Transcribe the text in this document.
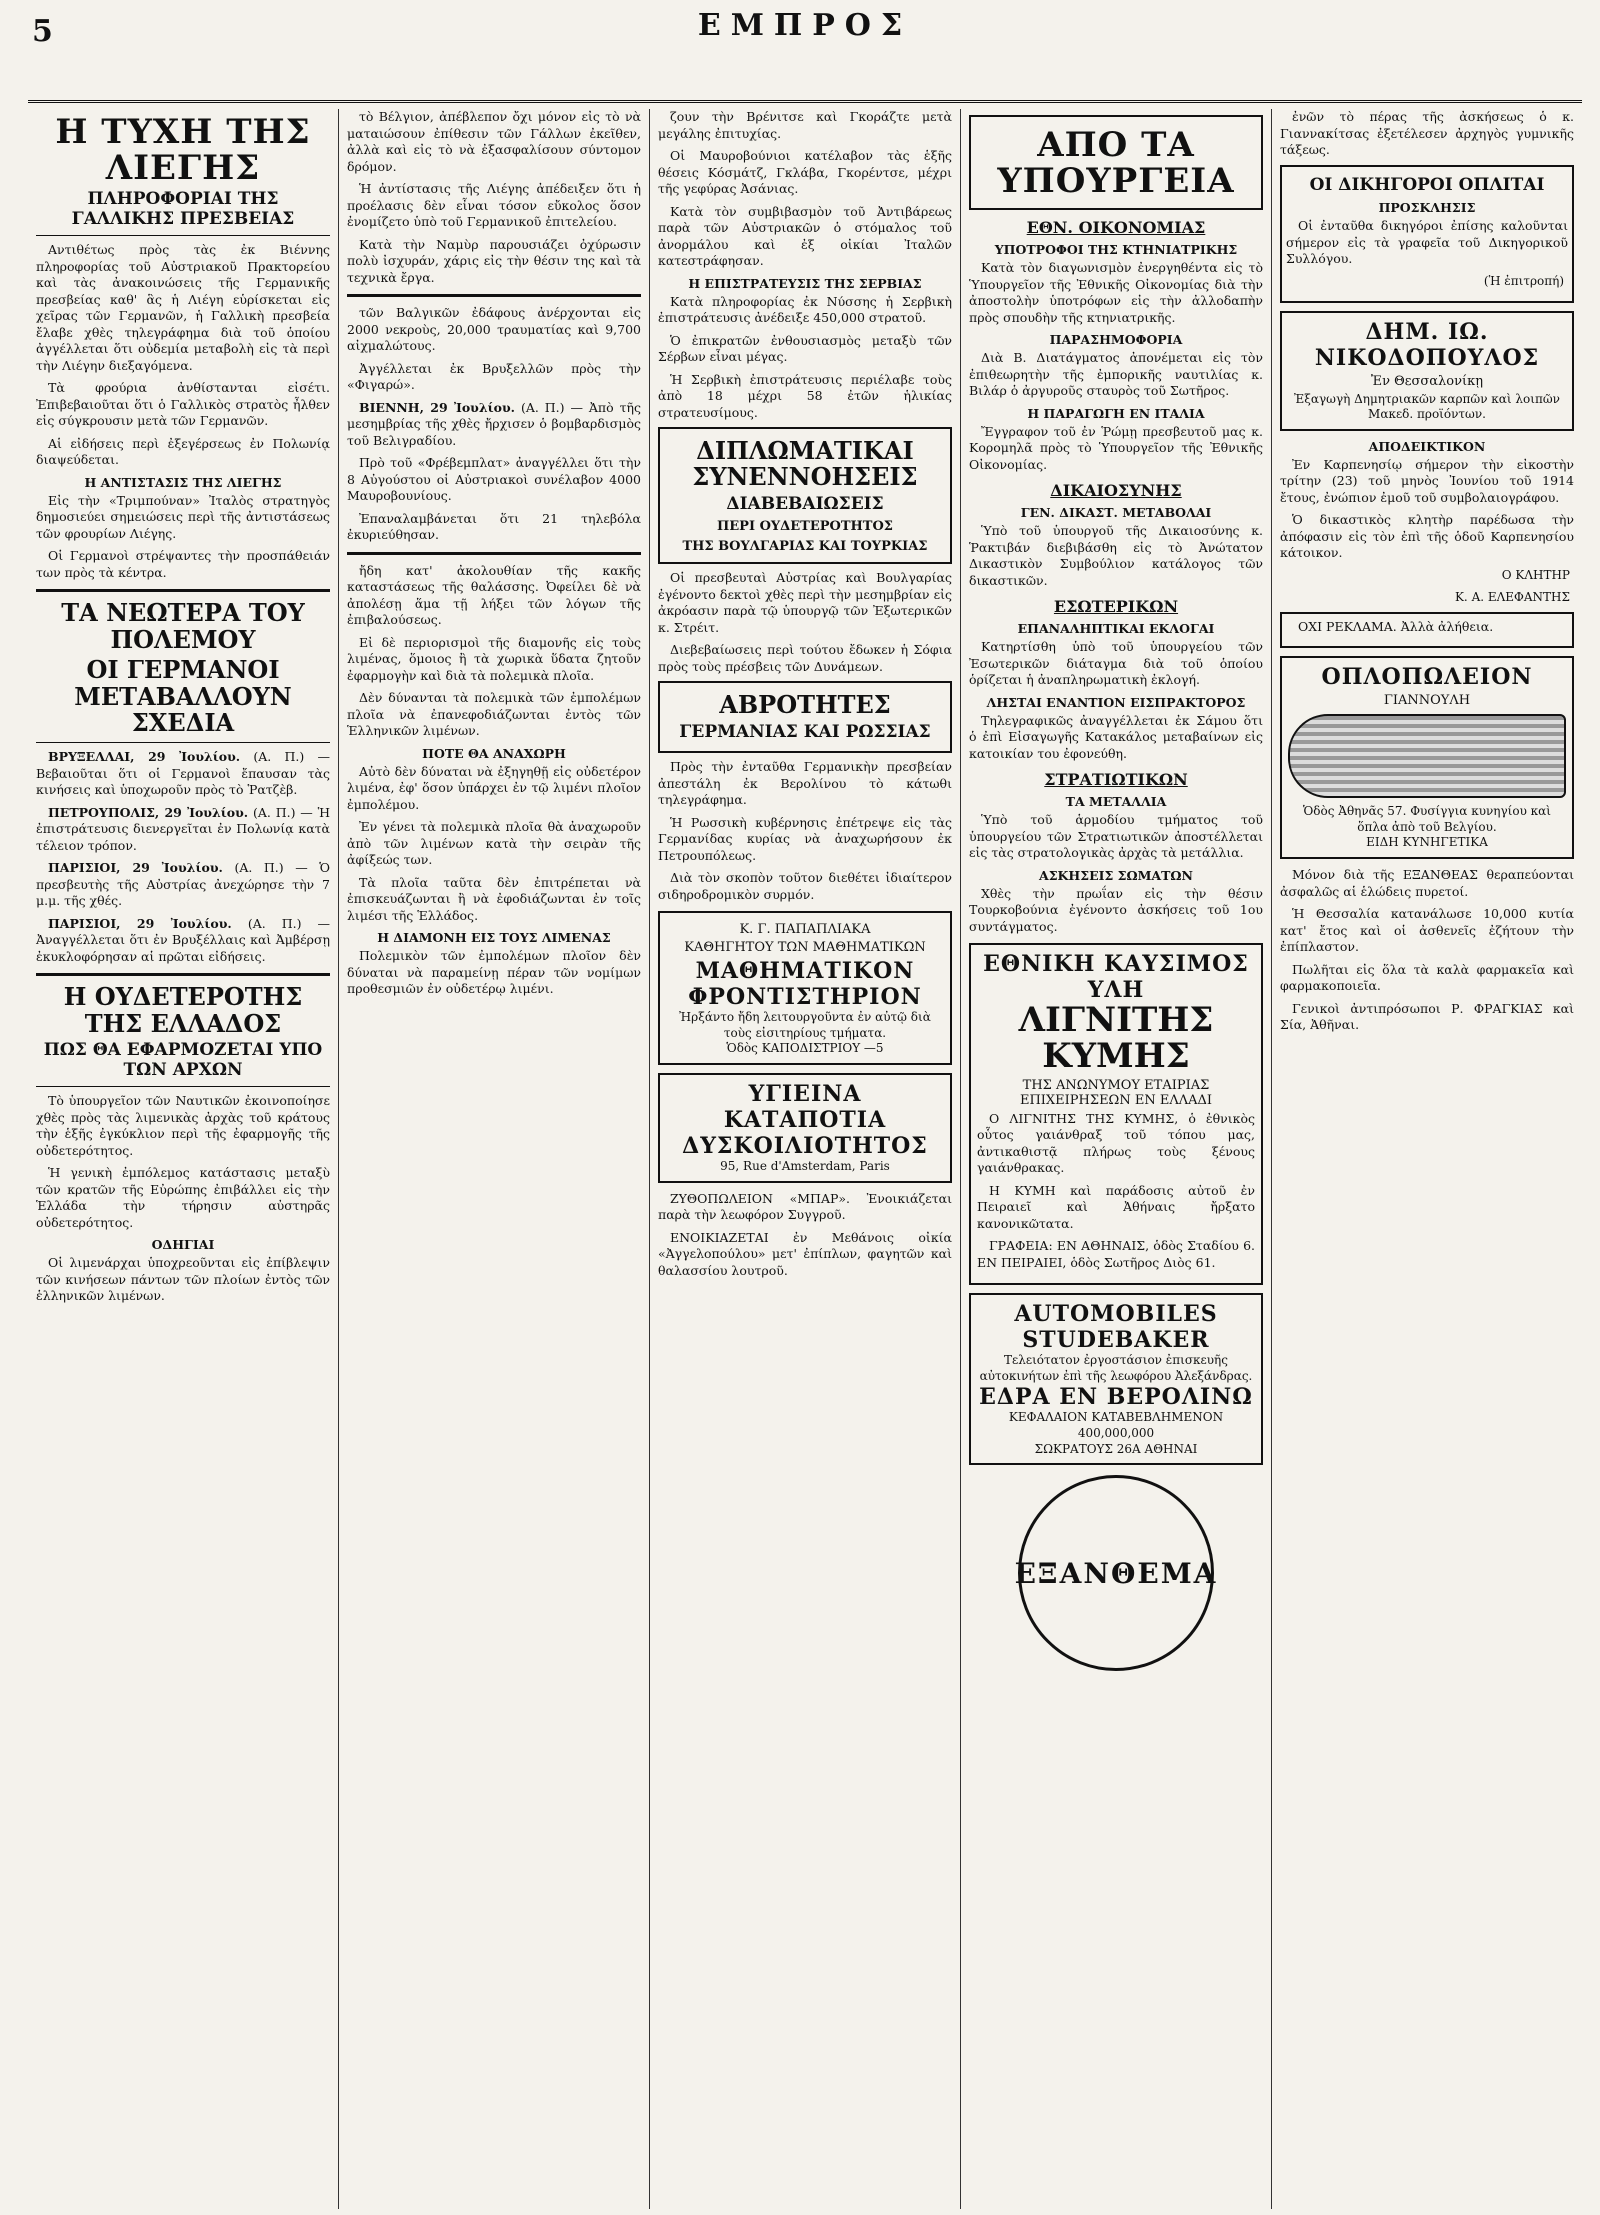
5	ΕΜΠΡΟΣ
Η ΤΥΧΗ ΤΗΣ ΛΙΕΓΗΣ
ΠΛΗΡΟΦΟΡΙΑΙ ΤΗΣ ΓΑΛΛΙΚΗΣ ΠΡΕΣΒΕΙΑΣ

Αντιθέτως πρὸς τὰς ἐκ Βιέννης πληροφορίας τοῦ Αὐστριακοῦ Πρακτορείου καὶ τὰς ἀνακοινώσεις τῆς Γερμανικῆς πρεσβείας καθ' ἃς ἡ Λιέγη εὑρίσκεται εἰς χεῖρας τῶν Γερμανῶν, ἡ Γαλλικὴ πρεσβεία ἔλαβε χθὲς τηλεγράφημα διὰ τοῦ ὁποίου ἀγγέλλεται ὅτι οὐδεμία μεταβολὴ εἰς τὰ περὶ τὴν Λιέγην διεξαγόμενα.

Τὰ φρούρια ἀνθίστανται εἰσέτι. Ἐπιβεβαιοῦται ὅτι ὁ Γαλλικὸς στρατὸς ἦλθεν εἰς σύγκρουσιν μετὰ τῶν Γερμανῶν.

Αἱ εἰδήσεις περὶ ἐξεγέρσεως ἐν Πολωνίᾳ διαψεύδεται.

Η ΑΝΤΙΣΤΑΣΙΣ ΤΗΣ ΛΙΕΓΗΣ

Εἰς τὴν «Τριμπούναν» Ἰταλὸς στρατηγὸς δημοσιεύει σημειώσεις περὶ τῆς ἀντιστάσεως τῶν φρουρίων Λιέγης.

Οἱ Γερμανοὶ στρέψαντες τὴν προσπάθειάν των πρὸς τὰ κέντρα.

ΤΑ ΝΕΩΤΕΡΑ ΤΟΥ ΠΟΛΕΜΟΥ
ΟΙ ΓΕΡΜΑΝΟΙ ΜΕΤΑΒΑΛΛΟΥΝ ΣΧΕΔΙΑ

ΒΡΥΞΕΛΛΑΙ, 29 Ἰουλίου. (Α. Π.) — Βεβαιοῦται ὅτι οἱ Γερμανοὶ ἔπαυσαν τὰς κινήσεις καὶ ὑποχωροῦν πρὸς τὸ Ῥατζὲβ.

ΠΕΤΡΟΥΠΟΛΙΣ, 29 Ἰουλίου. (Α. Π.) — Ἡ ἐπιστράτευσις διενεργεῖται ἐν Πολωνίᾳ κατὰ τέλειον τρόπον.

ΠΑΡΙΣΙΟΙ, 29 Ἰουλίου. (Α. Π.) — Ὁ πρεσβευτὴς τῆς Αὐστρίας ἀνεχώρησε τὴν 7 μ.μ. τῆς χθές.

ΠΑΡΙΣΙΟΙ, 29 Ἰουλίου. (Α. Π.) — Ἀναγγέλλεται ὅτι ἐν Βρυξέλλαις καὶ Ἀμβέρσῃ ἐκυκλοφόρησαν αἱ πρῶται εἰδήσεις.

Η ΟΥΔΕΤΕΡΟΤΗΣ ΤΗΣ ΕΛΛΑΔΟΣ
ΠΩΣ ΘΑ ΕΦΑΡΜΟΖΕΤΑΙ ΥΠΟ ΤΩΝ ΑΡΧΩΝ

Τὸ ὑπουργεῖον τῶν Ναυτικῶν ἐκοινοποίησε χθὲς πρὸς τὰς λιμενικὰς ἀρχὰς τοῦ κράτους τὴν ἑξῆς ἐγκύκλιον περὶ τῆς ἐφαρμογῆς τῆς οὐδετερότητος.

Ἡ γενικὴ ἐμπόλεμος κατάστασις μεταξὺ τῶν κρατῶν τῆς Εὐρώπης ἐπιβάλλει εἰς τὴν Ἑλλάδα τὴν τήρησιν αὐστηρᾶς οὐδετερότητος.

ΟΔΗΓΙΑΙ

Οἱ λιμενάρχαι ὑποχρεοῦνται εἰς ἐπίβλεψιν τῶν κινήσεων πάντων τῶν πλοίων ἐντὸς τῶν ἑλληνικῶν λιμένων.

τὸ Βέλγιον, ἀπέβλεπον ὄχι μόνον εἰς τὸ νὰ ματαιώσουν ἐπίθεσιν τῶν Γάλλων ἐκεῖθεν, ἀλλὰ καὶ εἰς τὸ νὰ ἐξασφαλίσουν σύντομον δρόμον.

Ἡ ἀντίστασις τῆς Λιέγης ἀπέδειξεν ὅτι ἡ προέλασις δὲν εἶναι τόσον εὔκολος ὅσον ἐνομίζετο ὑπὸ τοῦ Γερμανικοῦ ἐπιτελείου.

Κατὰ τὴν Ναμὺρ παρουσιάζει ὀχύρωσιν πολὺ ἰσχυράν, χάρις εἰς τὴν θέσιν της καὶ τὰ τεχνικὰ ἔργα.

τῶν Βαλγικῶν ἐδάφους ἀνέρχονται εἰς 2000 νεκροὺς, 20,000 τραυματίας καὶ 9,700 αἰχμαλώτους.

Ἀγγέλλεται ἐκ Βρυξελλῶν πρὸς τὴν «Φιγαρώ».

ΒΙΕΝΝΗ, 29 Ἰουλίου. (Α. Π.) — Ἀπὸ τῆς μεσημβρίας τῆς χθὲς ἤρχισεν ὁ βομβαρδισμὸς τοῦ Βελιγραδίου.

Πρὸ τοῦ «Φρέβεμπλατ» ἀναγγέλλει ὅτι τὴν 8 Αὐγούστου οἱ Αὐστριακοὶ συνέλαβον 4000 Μαυροβουνίους.

Ἐπαναλαμβάνεται ὅτι 21 τηλεβόλα ἐκυριεύθησαν.

ἤδη κατ' ἀκολουθίαν τῆς κακῆς καταστάσεως τῆς θαλάσσης. Ὀφείλει δὲ νὰ ἀπολέσῃ ἅμα τῇ λήξει τῶν λόγων τῆς ἐπιβαλούσεως.

Εἰ δὲ περιορισμοὶ τῆς διαμονῆς εἰς τοὺς λιμένας, ὅμοιος ἢ τὰ χωρικὰ ὕδατα ζητοῦν ἐφαρμογὴν καὶ διὰ τὰ πολεμικὰ πλοῖα.

Δὲν δύνανται τὰ πολεμικὰ τῶν ἐμπολέμων πλοῖα νὰ ἐπανεφοδιάζωνται ἐντὸς τῶν Ἑλληνικῶν λιμένων.

ΠΟΤΕ ΘΑ ΑΝΑΧΩΡΗ

Αὐτὸ δὲν δύναται νὰ ἐξηγηθῇ εἰς οὐδετέρον λιμένα, ἐφ' ὅσον ὑπάρχει ἐν τῷ λιμένι πλοῖον ἐμπολέμου.

Ἐν γένει τὰ πολεμικὰ πλοῖα θὰ ἀναχωροῦν ἀπὸ τῶν λιμένων κατὰ τὴν σειρὰν τῆς ἀφίξεώς των.

Τὰ πλοῖα ταῦτα δὲν ἐπιτρέπεται νὰ ἐπισκευάζωνται ἢ νὰ ἐφοδιάζωνται ἐν τοῖς λιμέσι τῆς Ἑλλάδος.

Η ΔΙΑΜΟΝΗ ΕΙΣ ΤΟΥΣ ΛΙΜΕΝΑΣ

Πολεμικὸν τῶν ἐμπολέμων πλοῖον δὲν δύναται νὰ παραμείνῃ πέραν τῶν νομίμων προθεσμιῶν ἐν οὐδετέρῳ λιμένι.

ζουν τὴν Βρένιτσε καὶ Γκοράζτε μετὰ μεγάλης ἐπιτυχίας.

Οἱ Μαυροβούνιοι κατέλαβον τὰς ἑξῆς θέσεις Κόσμάτζ, Γκλάβα, Γκορέντσε, μέχρι τῆς γεφύρας Ἀσάνιας.

Κατὰ τὸν συμβιβασμὸν τοῦ Ἀντιβάρεως παρὰ τῶν Αὐστριακῶν ὁ στόμαλος τοῦ ἀνορμάλου καὶ ἐξ οἰκίαι Ἰταλῶν κατεστράφησαν.

Η ΕΠΙΣΤΡΑΤΕΥΣΙΣ ΤΗΣ ΣΕΡΒΙΑΣ

Κατὰ πληροφορίας ἐκ Νύσσης ἡ Σερβικὴ ἐπιστράτευσις ἀνέδειξε 450,000 στρατοῦ.

Ὁ ἐπικρατῶν ἐνθουσιασμὸς μεταξὺ τῶν Σέρβων εἶναι μέγας.

Ἡ Σερβικὴ ἐπιστράτευσις περιέλαβε τοὺς ἀπὸ 18 μέχρι 58 ἐτῶν ἡλικίας στρατευσίμους.

ΔΙΠΛΩΜΑΤΙΚΑΙ ΣΥΝΕΝΝΟΗΣΕΙΣ
ΔΙΑΒΕΒΑΙΩΣΕΙΣ
ΠΕΡΙ ΟΥΔΕΤΕΡΟΤΗΤΟΣ
ΤΗΣ ΒΟΥΛΓΑΡΙΑΣ ΚΑΙ ΤΟΥΡΚΙΑΣ

Οἱ πρεσβευταὶ Αὐστρίας καὶ Βουλγαρίας ἐγένοντο δεκτοὶ χθὲς περὶ τὴν μεσημβρίαν εἰς ἀκρόασιν παρὰ τῷ ὑπουργῷ τῶν Ἐξωτερικῶν κ. Στρέιτ.

Διεβεβαίωσεις περὶ τούτου ἔδωκεν ἡ Σόφια πρὸς τοὺς πρέσβεις τῶν Δυνάμεων.

ΑΒΡΟΤΗΤΕΣ
ΓΕΡΜΑΝΙΑΣ ΚΑΙ ΡΩΣΣΙΑΣ

Πρὸς τὴν ἐνταῦθα Γερμανικὴν πρεσβείαν ἀπεστάλη ἐκ Βερολίνου τὸ κάτωθι τηλεγράφημα.

Ἡ Ρωσσικὴ κυβέρνησις ἐπέτρεψε εἰς τὰς Γερμανίδας κυρίας νὰ ἀναχωρήσουν ἐκ Πετρουπόλεως.

Διὰ τὸν σκοπὸν τοῦτον διεθέτει ἰδιαίτερον σιδηροδρομικὸν συρμόν.

Κ. Γ. ΠΑΠΑΠΛΙΑΚΑ
ΚΑΘΗΓΗΤΟΥ ΤΩΝ ΜΑΘΗΜΑΤΙΚΩΝ
ΜΑΘΗΜΑΤΙΚΟΝ
ΦΡΟΝΤΙΣΤΗΡΙΟΝ
Ἠρξάντο ἤδη λειτουργοῦντα ἐν αὐτῷ διὰ τοὺς εἰσιτηρίους τμήματα.
Ὁδὸς ΚΑΠΟΔΙΣΤΡΙΟΥ —5
ΥΓΙΕΙΝΑ ΚΑΤΑΠΟΤΙΑ
ΔΥΣΚΟΙΛΙΟΤΗΤΟΣ
95, Rue d'Amsterdam, Paris

ΖΥΘΟΠΩΛΕΙΟΝ «ΜΠΑΡ». Ἐνοικιάζεται παρὰ τὴν λεωφόρον Συγγροῦ.

ΕΝΟΙΚΙΑΖΕΤΑΙ ἐν Μεθάνοις οἰκία «Ἀγγελοπούλου» μετ' ἐπίπλων, φαγητῶν καὶ θαλασσίου λουτροῦ.

ΑΠΟ ΤΑ ΥΠΟΥΡΓΕΙΑ
ΕΘΝ. ΟΙΚΟΝΟΜΙΑΣ
ΥΠΟΤΡΟΦΟΙ ΤΗΣ ΚΤΗΝΙΑΤΡΙΚΗΣ

Κατὰ τὸν διαγωνισμὸν ἐνεργηθέντα εἰς τὸ Ὑπουργεῖον τῆς Ἐθνικῆς Οἰκονομίας διὰ τὴν ἀποστολὴν ὑποτρόφων εἰς τὴν ἀλλοδαπὴν πρὸς σπουδὴν τῆς κτηνιατρικῆς.

ΠΑΡΑΣΗΜΟΦΟΡΙΑ

Διὰ Β. Διατάγματος ἀπονέμεται εἰς τὸν ἐπιθεωρητὴν τῆς ἐμπορικῆς ναυτιλίας κ. Βιλάρ ὁ ἀργυροῦς σταυρὸς τοῦ Σωτῆρος.

Η ΠΑΡΑΓΩΓΗ ΕΝ ΙΤΑΛΙΑ

Ἔγγραφον τοῦ ἐν Ῥώμῃ πρεσβευτοῦ μας κ. Κορομηλᾶ πρὸς τὸ Ὑπουργεῖον τῆς Ἐθνικῆς Οἰκονομίας.

ΔΙΚΑΙΟΣΥΝΗΣ
ΓΕΝ. ΔΙΚΑΣΤ. ΜΕΤΑΒΟΛΑΙ

Ὑπὸ τοῦ ὑπουργοῦ τῆς Δικαιοσύνης κ. Ῥακτιβάν διεβιβάσθη εἰς τὸ Ἀνώτατον Δικαστικὸν Συμβούλιον κατάλογος τῶν δικαστικῶν.

ΕΣΩΤΕΡΙΚΩΝ
ΕΠΑΝΑΛΗΠΤΙΚΑΙ ΕΚΛΟΓΑΙ

Κατηρτίσθη ὑπὸ τοῦ ὑπουργείου τῶν Ἐσωτερικῶν διάταγμα διὰ τοῦ ὁποίου ὁρίζεται ἡ ἀναπληρωματικὴ ἐκλογή.

ΛΗΣΤΑΙ ΕΝΑΝΤΙΟΝ ΕΙΣΠΡΑΚΤΟΡΟΣ

Τηλεγραφικῶς ἀναγγέλλεται ἐκ Σάμου ὅτι ὁ ἐπὶ Εἰσαγωγῆς Κατακάλος μεταβαίνων εἰς κατοικίαν του ἐφονεύθη.

ΣΤΡΑΤΙΩΤΙΚΩΝ
ΤΑ ΜΕΤΑΛΛΙΑ

Ὑπὸ τοῦ ἁρμοδίου τμήματος τοῦ ὑπουργείου τῶν Στρατιωτικῶν ἀποστέλλεται εἰς τὰς στρατολογικὰς ἀρχὰς τὰ μετάλλια.

ΑΣΚΗΣΕΙΣ ΣΩΜΑΤΩΝ

Χθὲς τὴν πρωΐαν εἰς τὴν θέσιν Τουρκοβούνια ἐγένοντο ἀσκήσεις τοῦ 1ου συντάγματος.

ΕΘΝΙΚΗ ΚΑΥΣΙΜΟΣ ΥΛΗ
ΛΙΓΝΙΤΗΣ ΚΥΜΗΣ
ΤΗΣ ΑΝΩΝΥΜΟΥ ΕΤΑΙΡΙΑΣ ΕΠΙΧΕΙΡΗΣΕΩΝ ΕΝ ΕΛΛΑΔΙ

Ο ΛΙΓΝΙΤΗΣ ΤΗΣ ΚΥΜΗΣ, ὁ ἐθνικὸς οὗτος γαιάνθραξ τοῦ τόπου μας, ἀντικαθιστᾷ πλήρως τοὺς ξένους γαιάνθρακας.

Η ΚΥΜΗ καὶ παράδοσις αὐτοῦ ἐν Πειραιεῖ καὶ Ἀθήναις ἤρξατο κανονικῶτατα.

ΓΡΑΦΕΙΑ: ΕΝ ΑΘΗΝΑΙΣ, ὁδὸς Σταδίου 6. ΕΝ ΠΕΙΡΑΙΕΙ, ὁδὸς Σωτῆρος Διὸς 61.

AUTOMOBILES STUDEBAKER
Τελειότατον ἐργοστάσιον ἐπισκευῆς αὐτοκινήτων ἐπὶ τῆς λεωφόρου Ἀλεξάνδρας.
ΕΔΡΑ ΕΝ ΒΕΡΟΛΙΝΩ
ΚΕΦΑΛΑΙΟΝ ΚΑΤΑΒΕΒΛΗΜΕΝΟΝ 400,000,000
ΣΩΚΡΑΤΟΥΣ 26Α ΑΘΗΝΑΙ
ΕΞΑΝΘΕΜΑ

ἐνῶν τὸ πέρας τῆς ἀσκήσεως ὁ κ. Γιαννακίτσας ἐξετέλεσεν ἀρχηγὸς γυμνικῆς τάξεως.

ΟΙ ΔΙΚΗΓΟΡΟΙ ΟΠΛΙΤΑΙ
ΠΡΟΣΚΛΗΣΙΣ

Οἱ ἐνταῦθα δικηγόροι ἐπίσης καλοῦνται σήμερον εἰς τὰ γραφεῖα τοῦ Δικηγορικοῦ Συλλόγου.

(Ἡ ἐπιτροπή)
ΔΗΜ. ΙΩ. ΝΙΚΟΔΟΠΟΥΛΟΣ
Ἐν Θεσσαλονίκῃ
Ἐξαγωγὴ Δημητριακῶν καρπῶν καὶ λοιπῶν Μακεδ. προϊόντων.
ΑΠΟΔΕΙΚΤΙΚΟΝ

Ἐν Καρπενησίῳ σήμερον τὴν εἰκοστὴν τρίτην (23) τοῦ μηνὸς Ἰουνίου τοῦ 1914 ἔτους, ἐνώπιον ἐμοῦ τοῦ συμβολαιογράφου.

Ὁ δικαστικὸς κλητὴρ παρέδωσα τὴν ἀπόφασιν εἰς τὸν ἐπὶ τῆς ὁδοῦ Καρπενησίου κάτοικον.

Ο ΚΛΗΤΗΡ
Κ. Α. ΕΛΕΦΑΝΤΗΣ

ΟΧΙ ΡΕΚΛΑΜΑ. Ἀλλὰ ἀλήθεια.

ΟΠΛΟΠΩΛΕΙΟΝ
ΓΙΑΝΝΟΥΛΗ
Ὁδὸς Ἀθηνᾶς 57. Φυσίγγια κυνηγίου καὶ ὅπλα ἀπὸ τοῦ Βελγίου.
ΕΙΔΗ ΚΥΝΗΓΕΤΙΚΑ

Μόνον διὰ τῆς ΕΞΑΝΘΕΑΣ θεραπεύονται ἀσφαλῶς αἱ ἑλώδεις πυρετοί.

Ἡ Θεσσαλία κατανάλωσε 10,000 κυτία κατ' ἔτος καὶ οἱ ἀσθενεῖς ἐζήτουν τὴν ἐπίπλαστον.

Πωλῆται εἰς ὅλα τὰ καλὰ φαρμακεῖα καὶ φαρμακοποιεῖα.

Γενικοὶ ἀντιπρόσωποι Ρ. ΦΡΑΓΚΙΑΣ καὶ Σία, Ἀθῆναι.
